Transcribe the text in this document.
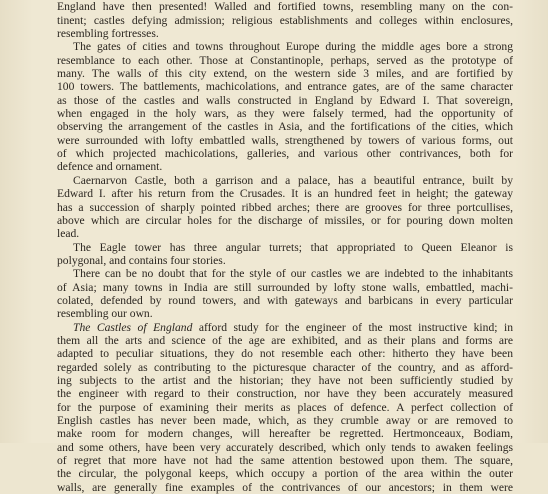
England have then presented! Walled and fortified towns, resembling many on the con-
tinent; castles defying admission; religious establishments and colleges within enclosures,
resembling fortresses.
The gates of cities and towns throughout Europe during the middle ages bore a strong
resemblance to each other. Those at Constantinople, perhaps, served as the prototype of
many. The walls of this city extend, on the western side 3 miles, and are fortified by
100 towers. The battlements, machicolations, and entrance gates, are of the same character
as those of the castles and walls constructed in England by Edward I. That sovereign,
when engaged in the holy wars, as they were falsely termed, had the opportunity of
observing the arrangement of the castles in Asia, and the fortifications of the cities, which
were surrounded with lofty embattled walls, strengthened by towers of various forms, out
of which projected machicolations, galleries, and various other contrivances, both for
defence and ornament.
Caernarvon Castle, both a garrison and a palace, has a beautiful entrance, built by
Edward I. after his return from the Crusades. It is an hundred feet in height; the gateway
has a succession of sharply pointed ribbed arches; there are grooves for three portcullises,
above which are circular holes for the discharge of missiles, or for pouring down molten
lead.
The Eagle tower has three angular turrets; that appropriated to Queen Eleanor is
polygonal, and contains four stories.
There can be no doubt that for the style of our castles we are indebted to the inhabitants
of Asia; many towns in India are still surrounded by lofty stone walls, embattled, machi-
colated, defended by round towers, and with gateways and barbicans in every particular
resembling our own.
The Castles of England afford study for the engineer of the most instructive kind; in
them all the arts and science of the age are exhibited, and as their plans and forms are
adapted to peculiar situations, they do not resemble each other: hitherto they have been
regarded solely as contributing to the picturesque character of the country, and as afford-
ing subjects to the artist and the historian; they have not been sufficiently studied by
the engineer with regard to their construction, nor have they been accurately measured
for the purpose of examining their merits as places of defence. A perfect collection of
English castles has never been made, which, as they crumble away or are removed to
make room for modern changes, will hereafter be regretted. Hertmonceaux, Bodiam,
and some others, have been very accurately described, which only tends to awaken feelings
of regret that more have not had the same attention bestowed upon them. The square,
the circular, the polygonal keeps, which occupy a portion of the area within the outer
walls, are generally fine examples of the contrivances of our ancestors; in them were
